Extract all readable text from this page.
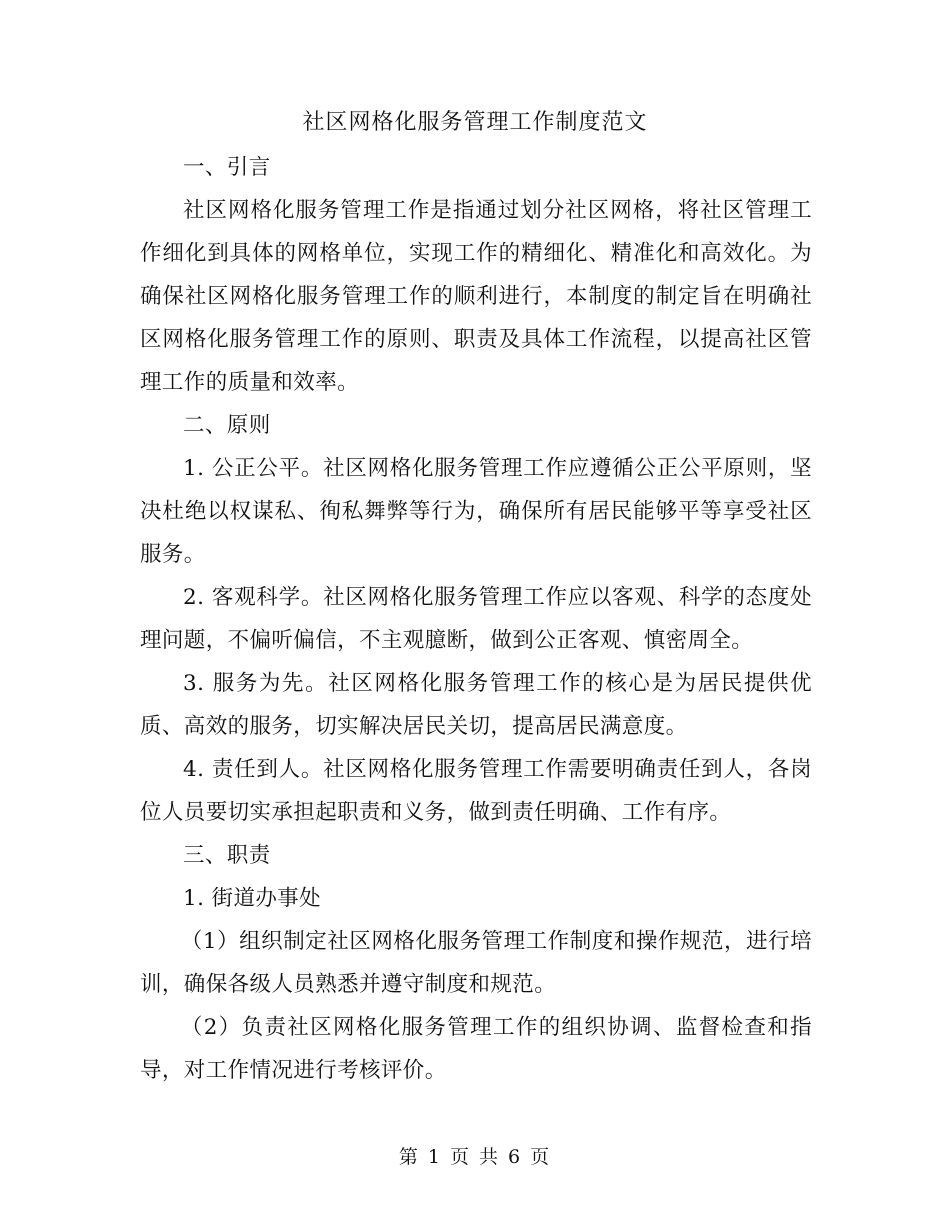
社区网格化服务管理工作制度范文

一、引言

社区网格化服务管理工作是指通过划分社区网格，将社区管理工作细化到具体的网格单位，实现工作的精细化、精准化和高效化。为确保社区网格化服务管理工作的顺利进行，本制度的制定旨在明确社区网格化服务管理工作的原则、职责及具体工作流程，以提高社区管理工作的质量和效率。

二、原则

1. 公正公平。社区网格化服务管理工作应遵循公正公平原则，坚决杜绝以权谋私、徇私舞弊等行为，确保所有居民能够平等享受社区服务。

2. 客观科学。社区网格化服务管理工作应以客观、科学的态度处理问题，不偏听偏信，不主观臆断，做到公正客观、慎密周全。

3. 服务为先。社区网格化服务管理工作的核心是为居民提供优质、高效的服务，切实解决居民关切，提高居民满意度。

4. 责任到人。社区网格化服务管理工作需要明确责任到人，各岗位人员要切实承担起职责和义务，做到责任明确、工作有序。

三、职责

1. 街道办事处

（1）组织制定社区网格化服务管理工作制度和操作规范，进行培训，确保各级人员熟悉并遵守制度和规范。

（2）负责社区网格化服务管理工作的组织协调、监督检查和指导，对工作情况进行考核评价。

第 1 页 共 6 页
